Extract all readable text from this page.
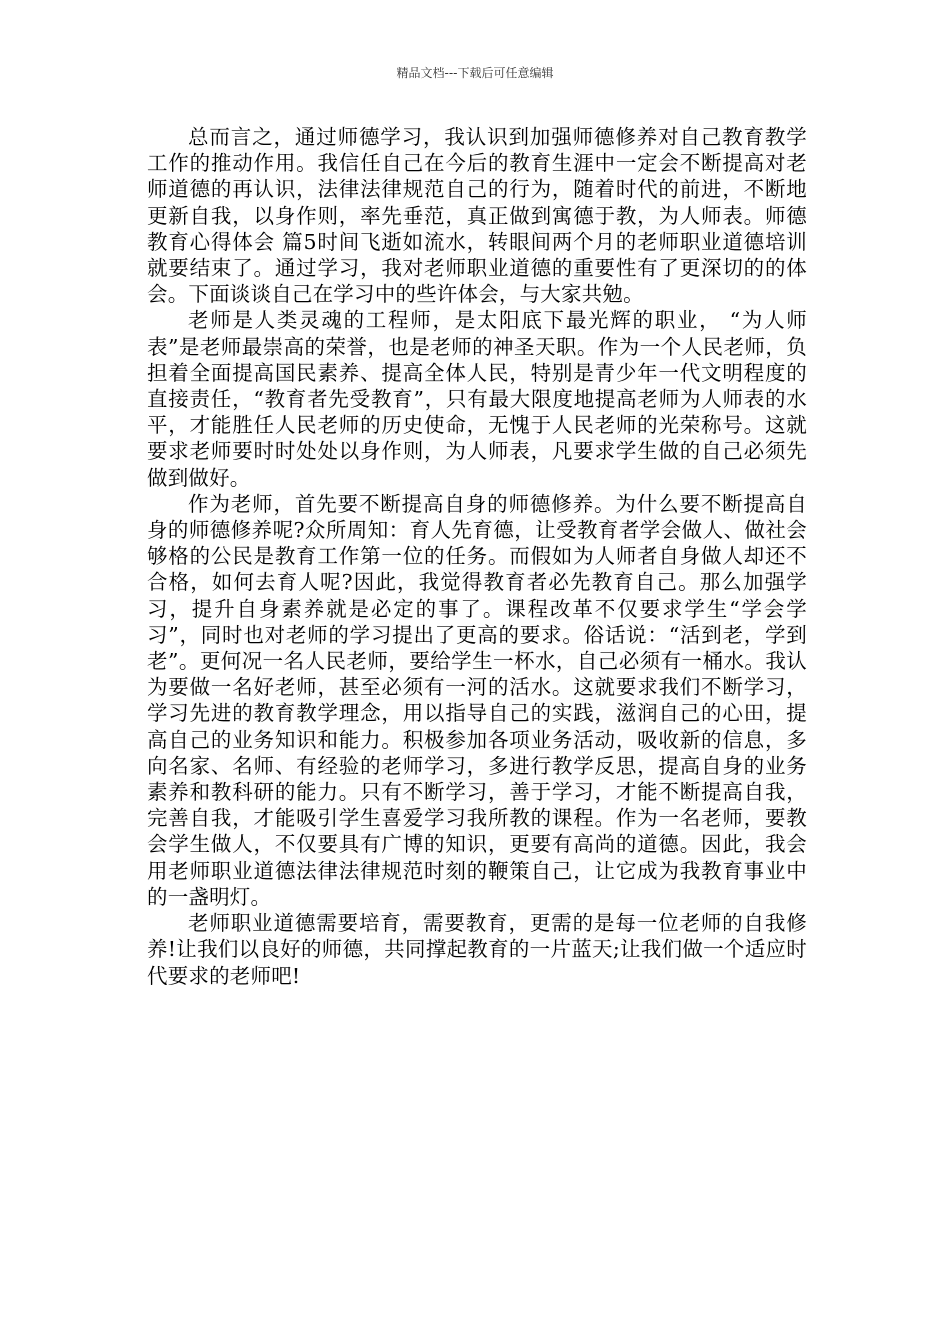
精品文档---下载后可任意编辑

总而言之，通过师德学习，我认识到加强师德修养对自己教育教学工作的推动作用。我信任自己在今后的教育生涯中一定会不断提高对老师道德的再认识，法律法律规范自己的行为，随着时代的前进，不断地更新自我，以身作则，率先垂范，真正做到寓德于教，为人师表。师德教育心得体会 篇5时间飞逝如流水，转眼间两个月的老师职业道德培训就要结束了。通过学习，我对老师职业道德的重要性有了更深切的的体会。下面谈谈自己在学习中的些许体会，与大家共勉。

老师是人类灵魂的工程师，是太阳底下最光辉的职业， “为人师表”是老师最崇高的荣誉，也是老师的神圣天职。作为一个人民老师，负担着全面提高国民素养、提高全体人民，特别是青少年一代文明程度的直接责任，“教育者先受教育”，只有最大限度地提高老师为人师表的水平，才能胜任人民老师的历史使命，无愧于人民老师的光荣称号。这就要求老师要时时处处以身作则，为人师表，凡要求学生做的自己必须先做到做好。

作为老师，首先要不断提高自身的师德修养。为什么要不断提高自身的师德修养呢?众所周知：育人先育德，让受教育者学会做人、做社会够格的公民是教育工作第一位的任务。而假如为人师者自身做人却还不合格，如何去育人呢?因此，我觉得教育者必先教育自己。那么加强学习，提升自身素养就是必定的事了。课程改革不仅要求学生“学会学习”，同时也对老师的学习提出了更高的要求。俗话说：“活到老，学到老”。更何况一名人民老师，要给学生一杯水，自己必须有一桶水。我认为要做一名好老师，甚至必须有一河的活水。这就要求我们不断学习，学习先进的教育教学理念，用以指导自己的实践，滋润自己的心田，提高自己的业务知识和能力。积极参加各项业务活动，吸收新的信息，多向名家、名师、有经验的老师学习，多进行教学反思，提高自身的业务素养和教科研的能力。只有不断学习，善于学习，才能不断提高自我，完善自我，才能吸引学生喜爱学习我所教的课程。作为一名老师，要教会学生做人，不仅要具有广博的知识，更要有高尚的道德。因此，我会用老师职业道德法律法律规范时刻的鞭策自己，让它成为我教育事业中的一盏明灯。

老师职业道德需要培育，需要教育，更需的是每一位老师的自我修养!让我们以良好的师德，共同撑起教育的一片蓝天;让我们做一个适应时代要求的老师吧!
